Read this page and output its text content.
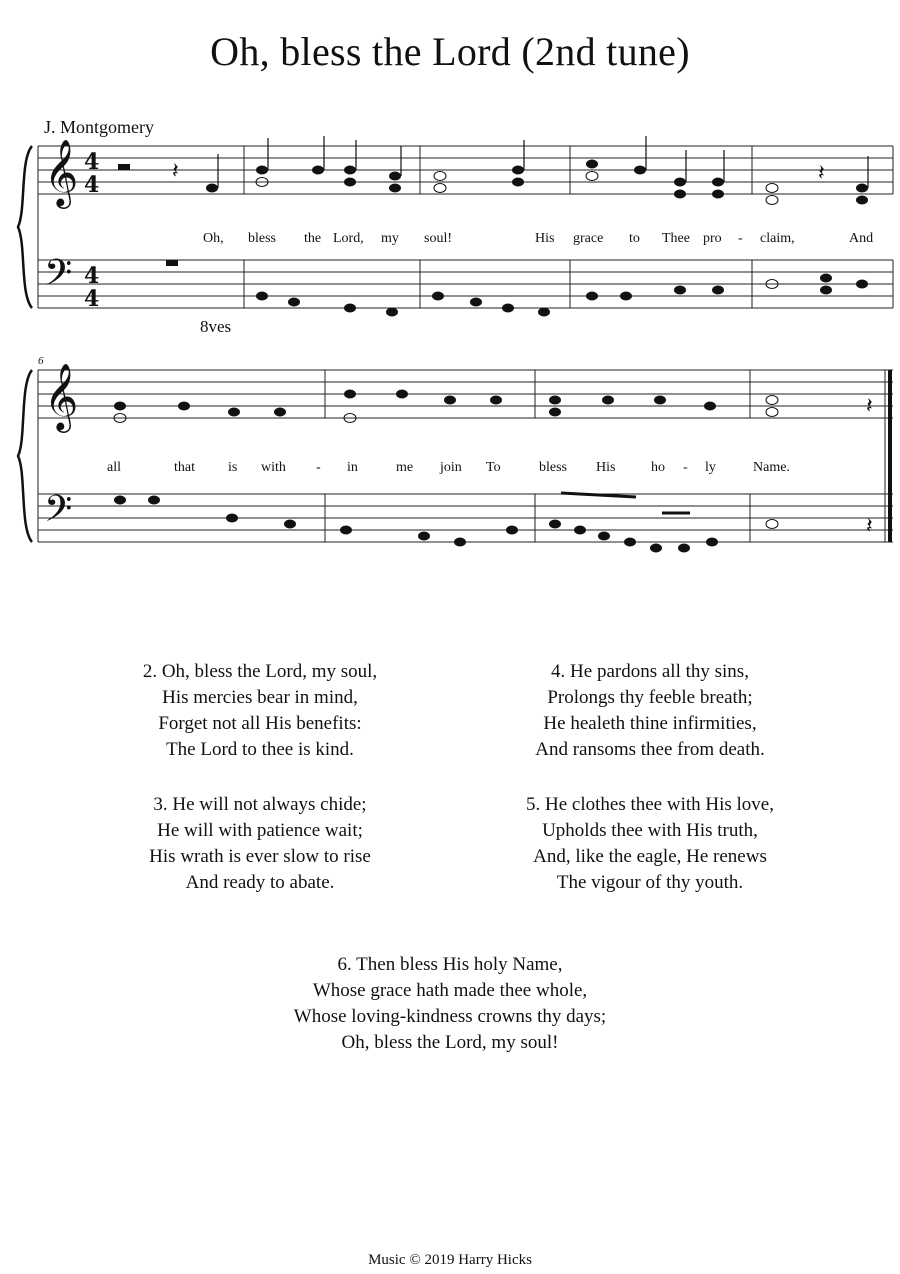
Oh, bless the Lord (2nd tune)
J. Montgomery
𝄞
𝄢
𝄞
𝄢
4
4
4
4
𝄽	𝄽
𝄽
𝄽
8ves
6
Oh, bless the Lord, my soul!	His grace to Thee pro - claim,	And
all	that is with - in	me join To	bless His	ho - ly	Name.
2. Oh, bless the Lord, my soul,
His mercies bear in mind,
Forget not all His benefits:
The Lord to thee is kind.
3. He will not always chide;
He will with patience wait;
His wrath is ever slow to rise
And ready to abate.
4. He pardons all thy sins,
Prolongs thy feeble breath;
He healeth thine infirmities,
And ransoms thee from death.
5. He clothes thee with His love,
Upholds thee with His truth,
And, like the eagle, He renews
The vigour of thy youth.
6. Then bless His holy Name,
Whose grace hath made thee whole,
Whose loving-kindness crowns thy days;
Oh, bless the Lord, my soul!
Music © 2019 Harry Hicks
